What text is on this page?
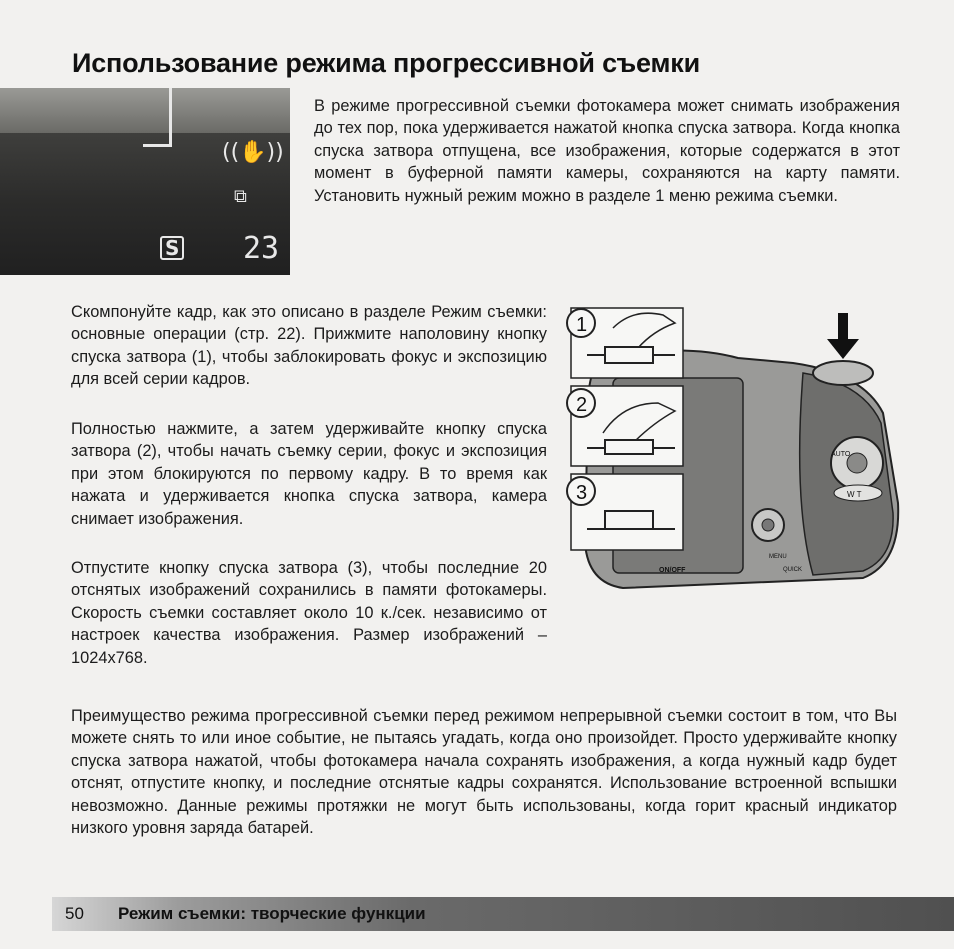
Использование режима прогрессивной съемки
((✋))
⧉
S 23

В режиме прогрессивной съемки фотокамера может снимать изображения до тех пор, пока удерживается нажатой кнопка спуска затвора. Когда кнопка спуска затвора отпущена, все изображения, которые содержатся в этот момент в буферной памяти камеры, сохраняются на карту памяти. Установить нужный режим можно в разделе 1 меню режима съемки.

Скомпонуйте кадр, как это описано в разделе Режим съемки: основные операции (стр. 22). Прижмите наполовину кнопку спуска затвора (1), чтобы заблокировать фокус и экспозицию для всей серии кадров.

Полностью нажмите, а затем удерживайте кнопку спуска затвора (2), чтобы начать съемку серии, фокус и экспозиция при этом блокируются по первому кадру. В то время как нажата и удерживается кнопка спуска затвора, камера снимает изображения.

Отпустите кнопку спуска затвора (3), чтобы последние 20 отснятых изображений сохранились в памяти фотокамеры. Скорость съемки составляет около 10 к./сек. независимо от настроек качества изображения. Размер изображений – 1024x768.

Преимущество режима прогрессивной съемки перед режимом непрерывной съемки состоит в том, что Вы можете снять то или иное событие, не пытаясь угадать, когда оно произойдет. Просто удерживайте кнопку спуска затвора нажатой, чтобы фотокамера начала сохранять изображения, а когда нужный кадр будет отснят, отпустите кнопку, и последние отснятые кадры сохранятся. Использование встроенной вспышки невозможно. Данные режимы протяжки не могут быть использованы, когда горит красный индикатор низкого уровня заряда батарей.

AUTO
W T
ON/OFF
MENU
QUICK
1
2
3
50 Режим съемки: творческие функции
